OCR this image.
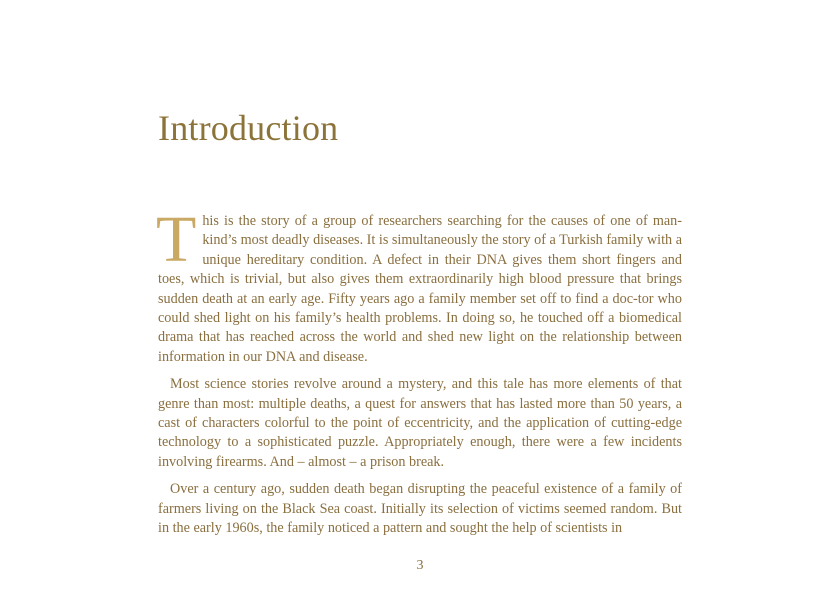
Introduction

This is the story of a group of researchers searching for the causes of one of man-kind’s most deadly diseases. It is simultaneously the story of a Turkish family with a unique hereditary condition. A defect in their DNA gives them short fingers and toes, which is trivial, but also gives them extraordinarily high blood pressure that brings sudden death at an early age. Fifty years ago a family member set off to find a doc-tor who could shed light on his family’s health problems. In doing so, he touched off a biomedical drama that has reached across the world and shed new light on the relationship between information in our DNA and disease.

Most science stories revolve around a mystery, and this tale has more elements of that genre than most: multiple deaths, a quest for answers that has lasted more than 50 years, a cast of characters colorful to the point of eccentricity, and the application of cutting-edge technology to a sophisticated puzzle. Appropriately enough, there were a few incidents involving firearms. And – almost – a prison break.

Over a century ago, sudden death began disrupting the peaceful existence of a family of farmers living on the Black Sea coast. Initially its selection of victims seemed random. But in the early 1960s, the family noticed a pattern and sought the help of scientists in

3
